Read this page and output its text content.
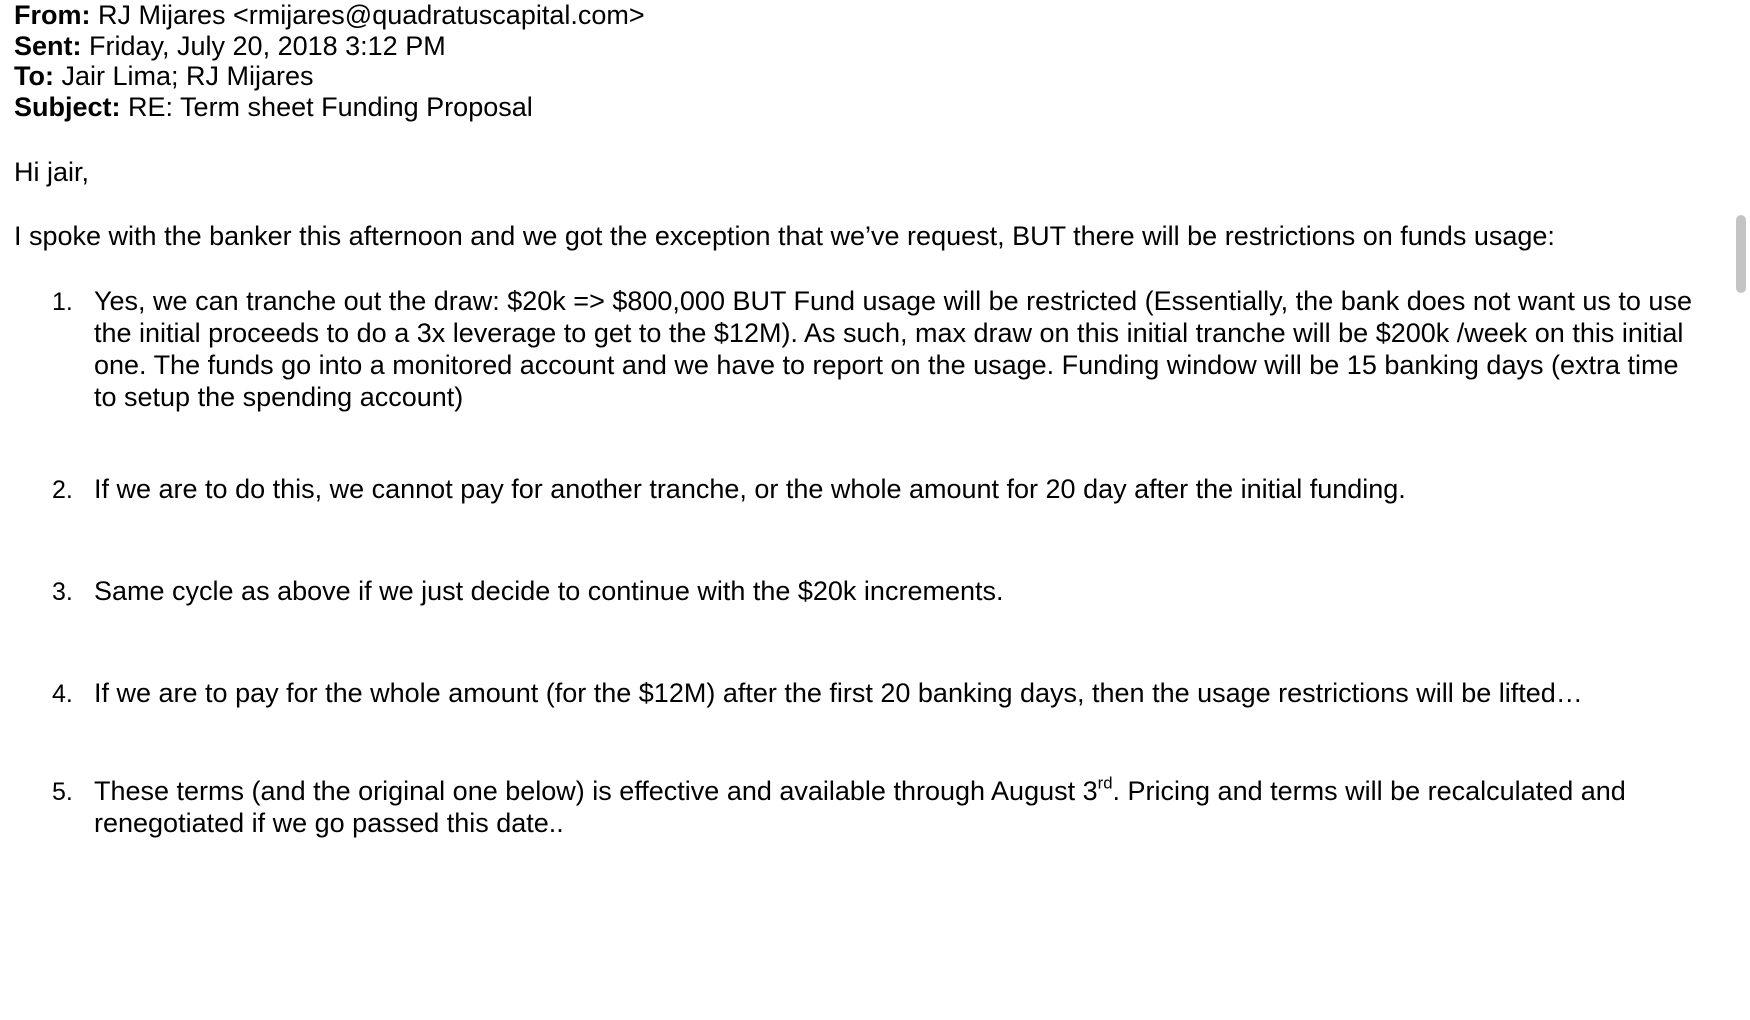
From: RJ Mijares <rmijares@quadratuscapital.com>
Sent: Friday, July 20, 2018 3:12 PM
To: Jair Lima; RJ Mijares
Subject: RE: Term sheet Funding Proposal
Hi jair,
I spoke with the banker this afternoon and we got the exception that we’ve request, BUT there will be restrictions on funds usage:
1. Yes, we can tranche out the draw: $20k => $800,000 BUT Fund usage will be restricted (Essentially, the bank does not want us to use the initial proceeds to do a 3x leverage to get to the $12M). As such, max draw on this initial tranche will be $200k /week on this initial one. The funds go into a monitored account and we have to report on the usage. Funding window will be 15 banking days (extra time to setup the spending account)
2. If we are to do this, we cannot pay for another tranche, or the whole amount for 20 day after the initial funding.
3. Same cycle as above if we just decide to continue with the $20k increments.
4. If we are to pay for the whole amount (for the $12M) after the first 20 banking days, then the usage restrictions will be lifted…
5. These terms (and the original one below) is effective and available through August 3rd. Pricing and terms will be recalculated and renegotiated if we go passed this date..
